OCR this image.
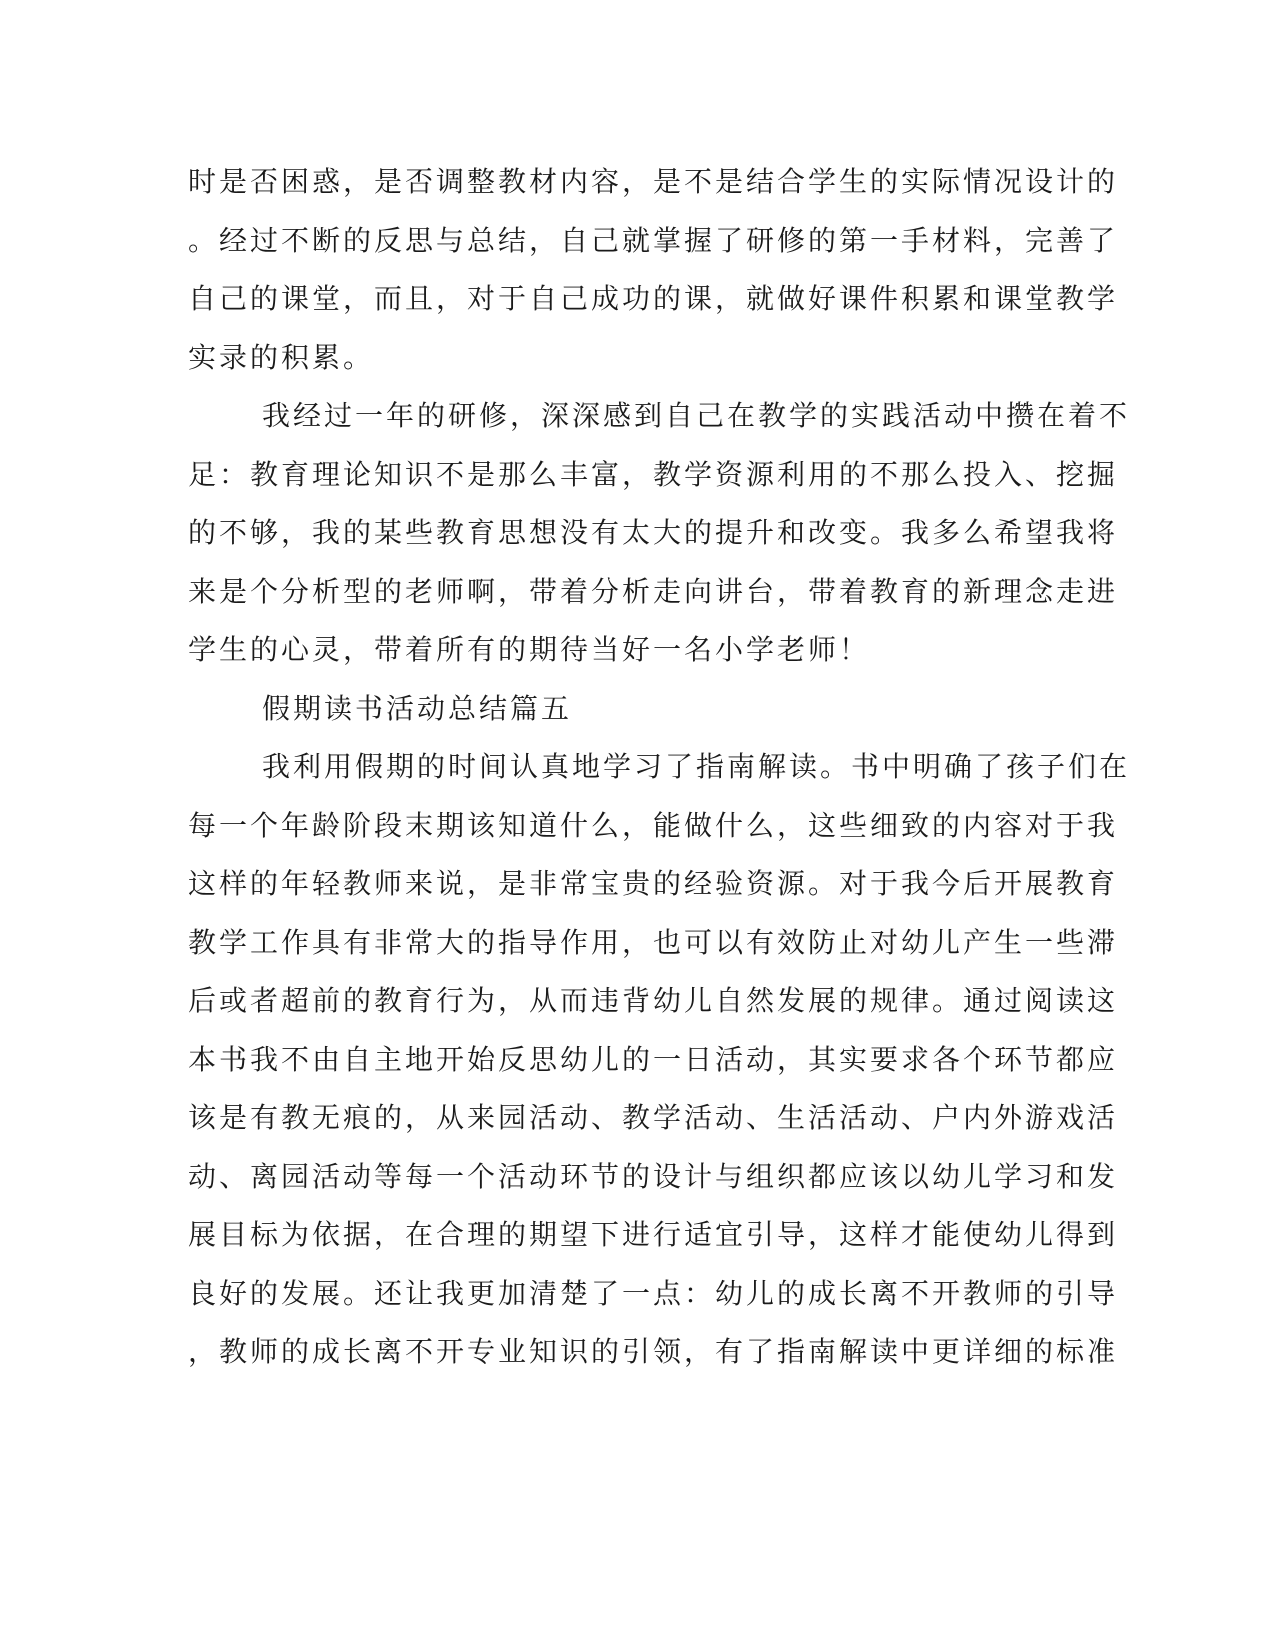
时是否困惑，是否调整教材内容，是不是结合学生的实际情况设计的
。经过不断的反思与总结，自己就掌握了研修的第一手材料，完善了
自己的课堂，而且，对于自己成功的课，就做好课件积累和课堂教学
实录的积累。
我经过一年的研修，深深感到自己在教学的实践活动中攒在着不
足：教育理论知识不是那么丰富，教学资源利用的不那么投入、挖掘
的不够，我的某些教育思想没有太大的提升和改变。我多么希望我将
来是个分析型的老师啊，带着分析走向讲台，带着教育的新理念走进
学生的心灵，带着所有的期待当好一名小学老师！
假期读书活动总结篇五
我利用假期的时间认真地学习了指南解读。书中明确了孩子们在
每一个年龄阶段末期该知道什么，能做什么，这些细致的内容对于我
这样的年轻教师来说，是非常宝贵的经验资源。对于我今后开展教育
教学工作具有非常大的指导作用，也可以有效防止对幼儿产生一些滞
后或者超前的教育行为，从而违背幼儿自然发展的规律。通过阅读这
本书我不由自主地开始反思幼儿的一日活动，其实要求各个环节都应
该是有教无痕的，从来园活动、教学活动、生活活动、户内外游戏活
动、离园活动等每一个活动环节的设计与组织都应该以幼儿学习和发
展目标为依据，在合理的期望下进行适宜引导，这样才能使幼儿得到
良好的发展。还让我更加清楚了一点：幼儿的成长离不开教师的引导
，教师的成长离不开专业知识的引领，有了指南解读中更详细的标准
